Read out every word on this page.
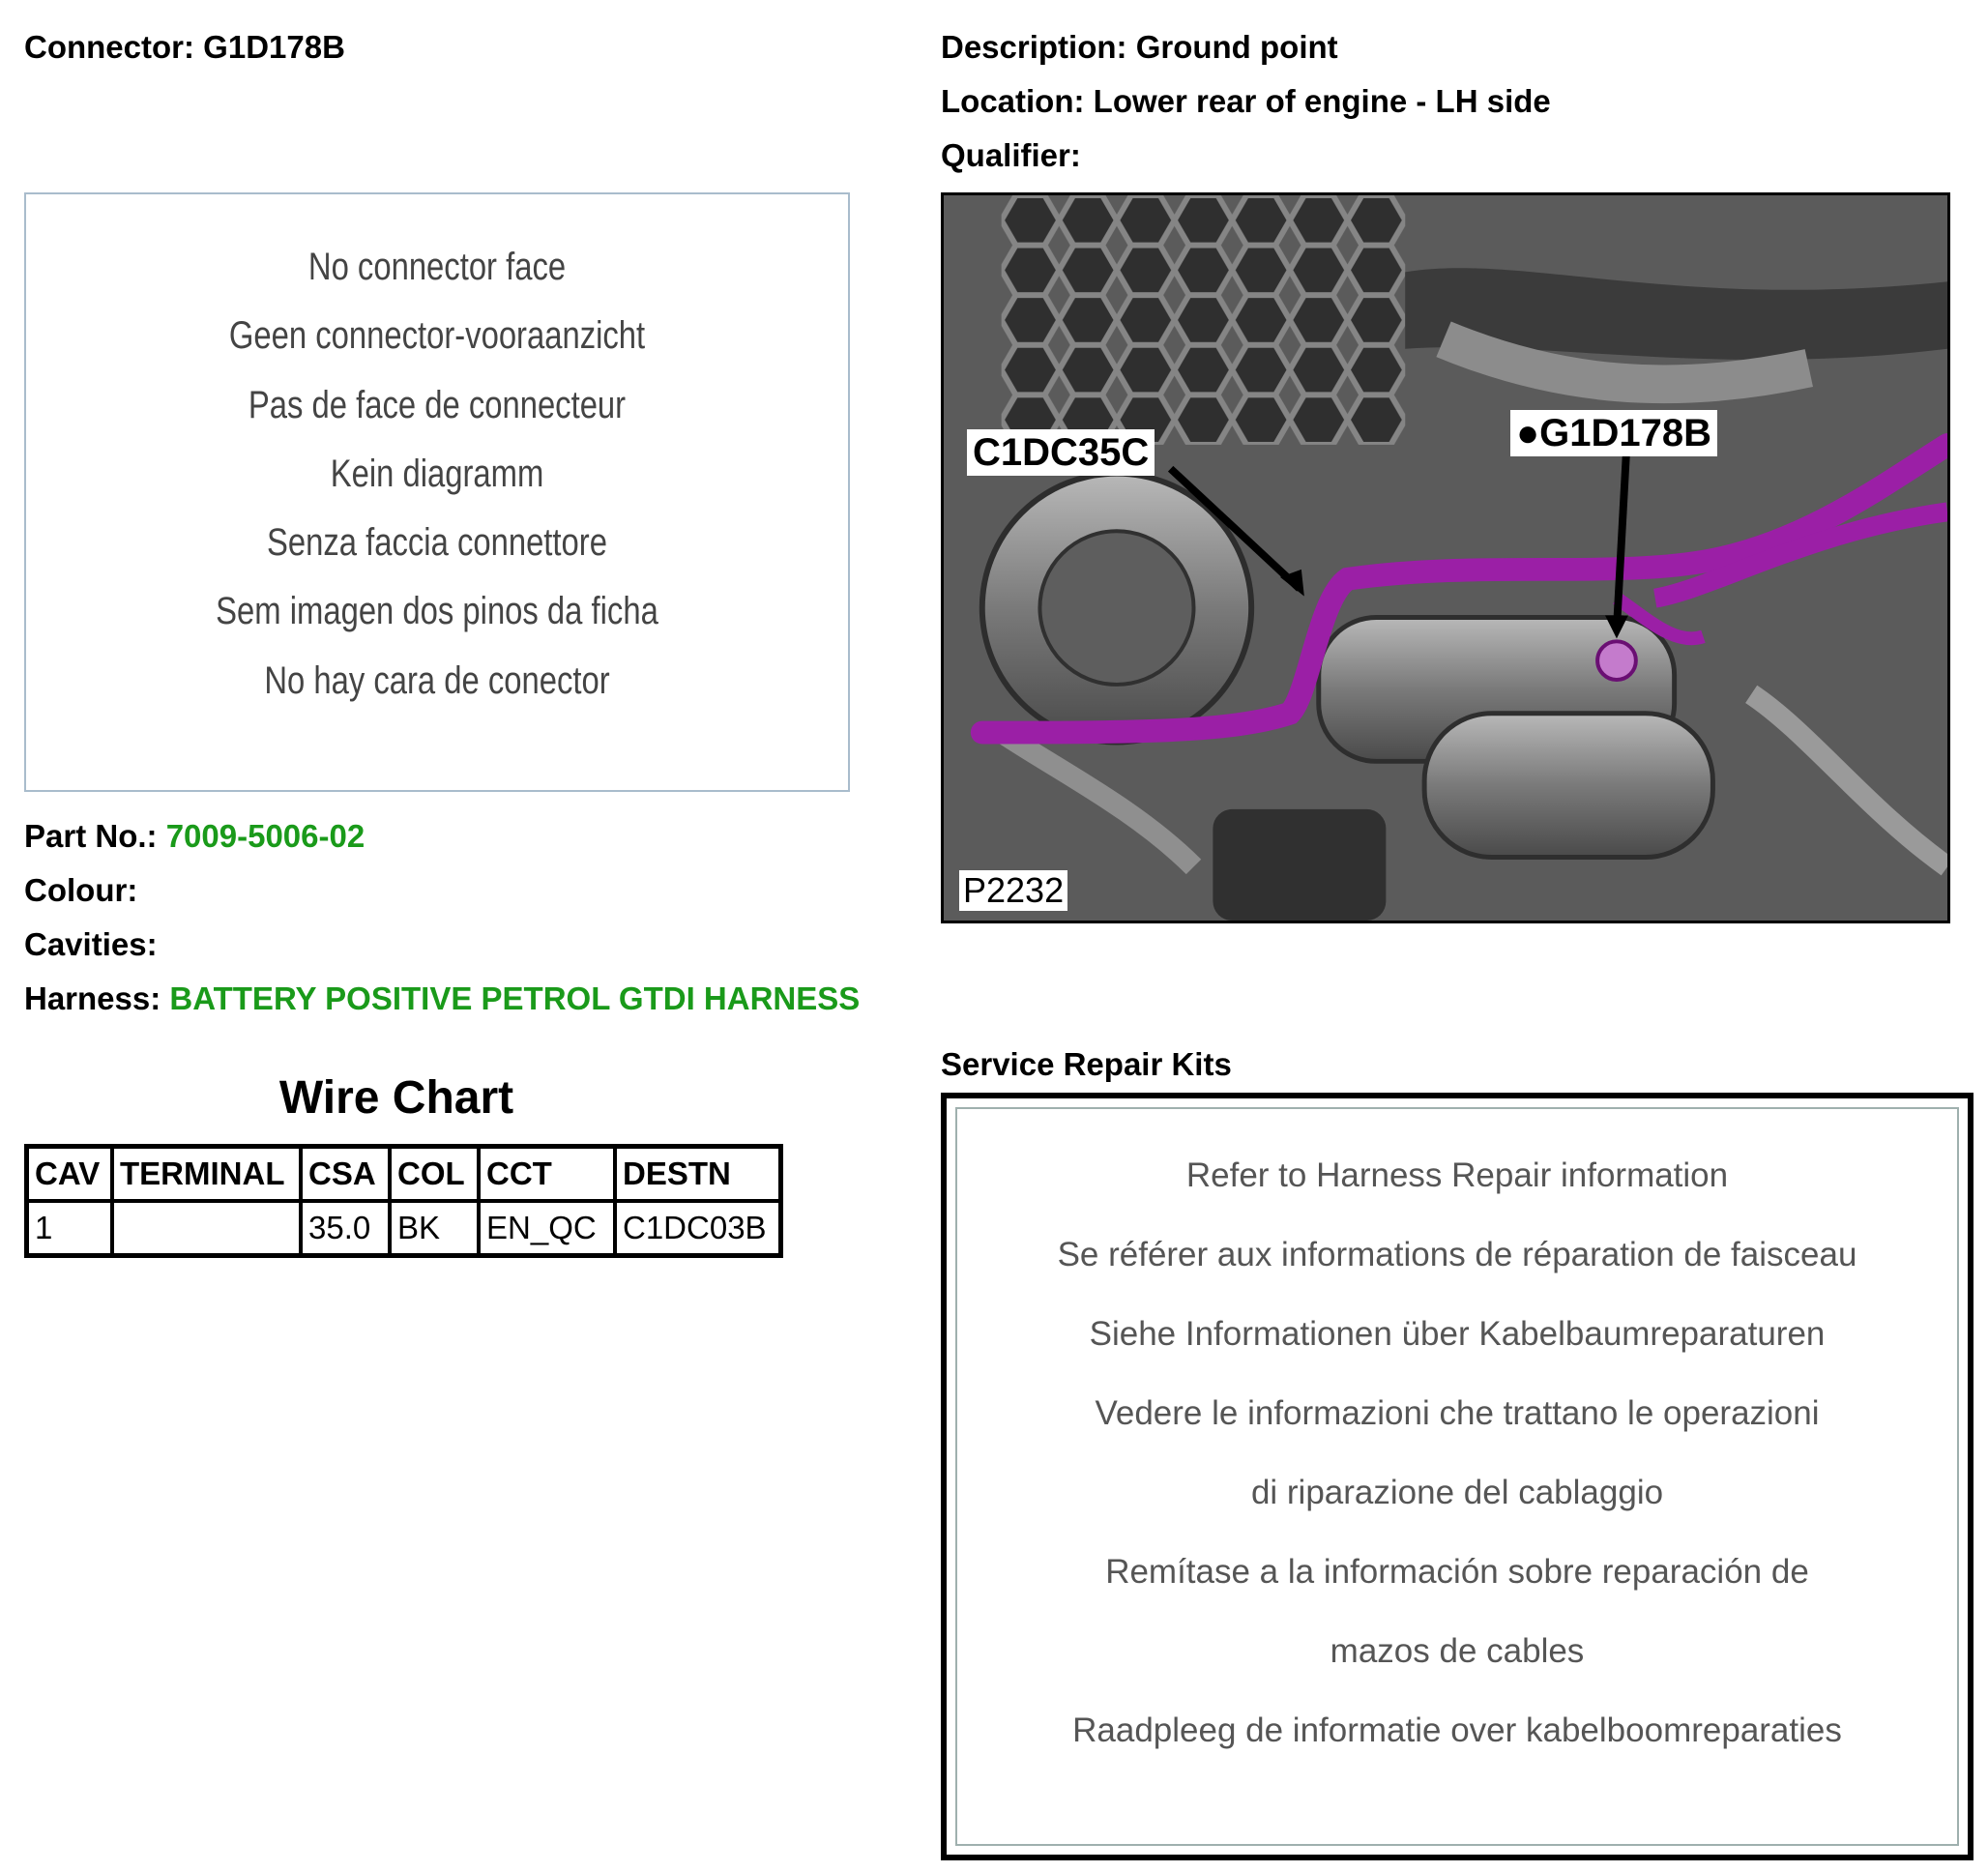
Connector: G1D178B	Description: Ground point
Location: Lower rear of engine - LH side
Qualifier:
No connector face
Geen connector-vooraanzicht
Pas de face de connecteur
Kein diagramm
Senza faccia connettore
Sem imagen dos pinos da ficha
No hay cara de conector
Part No.: 7009-5006-02
Colour:
Cavities:
Harness: BATTERY POSITIVE PETROL GTDI HARNESS
Wire Chart
CAV	TERMINAL	CSA	COL	CCT	DESTN
1		35.0	BK	EN_QC	C1DC03B
C1DC35C	●G1D178B
P2232
Service Repair Kits
Refer to Harness Repair information
Se référer aux informations de réparation de faisceau
Siehe Informationen über Kabelbaumreparaturen
Vedere le informazioni che trattano le operazioni
di riparazione del cablaggio
Remítase a la información sobre reparación de
mazos de cables
Raadpleeg de informatie over kabelboomreparaties
